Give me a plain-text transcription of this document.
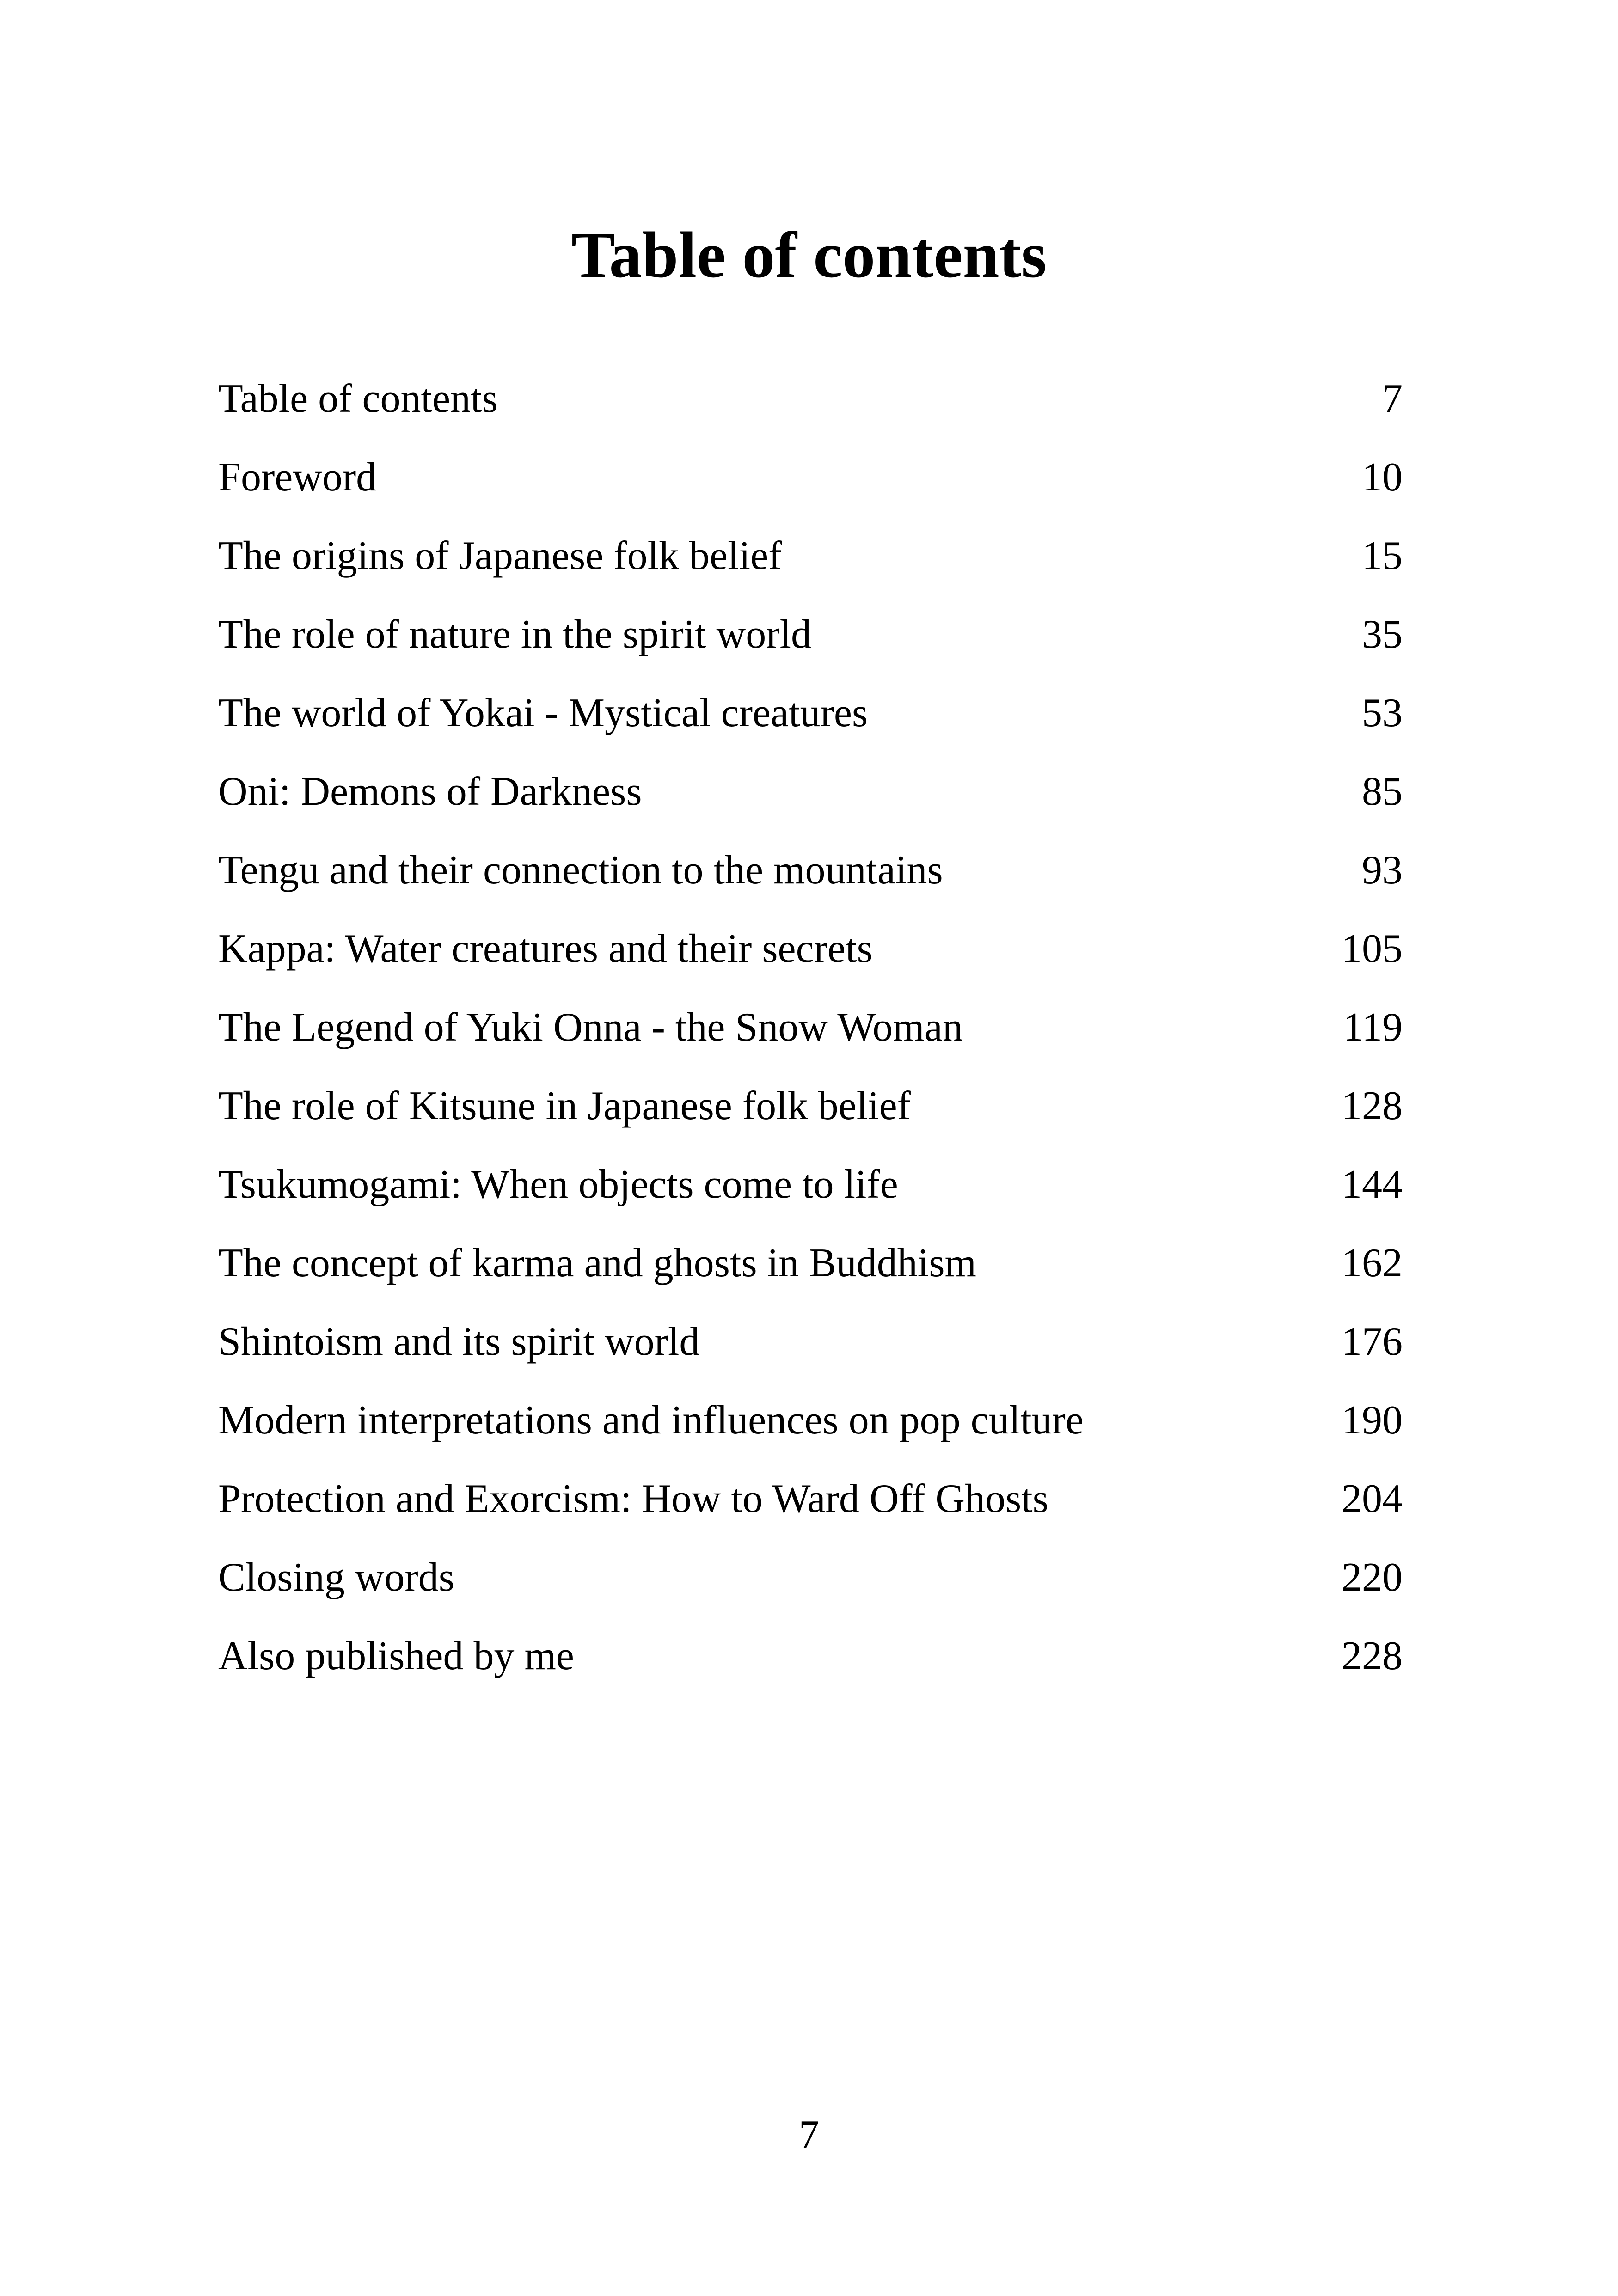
Table of contents
Table of contents	7
Foreword	10
The origins of Japanese folk belief	15
The role of nature in the spirit world	35
The world of Yokai - Mystical creatures	53
Oni: Demons of Darkness	85
Tengu and their connection to the mountains	93
Kappa: Water creatures and their secrets	105
The Legend of Yuki Onna - the Snow Woman	119
The role of Kitsune in Japanese folk belief	128
Tsukumogami: When objects come to life	144
The concept of karma and ghosts in Buddhism	162
Shintoism and its spirit world	176
Modern interpretations and influences on pop culture	190
Protection and Exorcism: How to Ward Off Ghosts	204
Closing words	220
Also published by me	228
7
